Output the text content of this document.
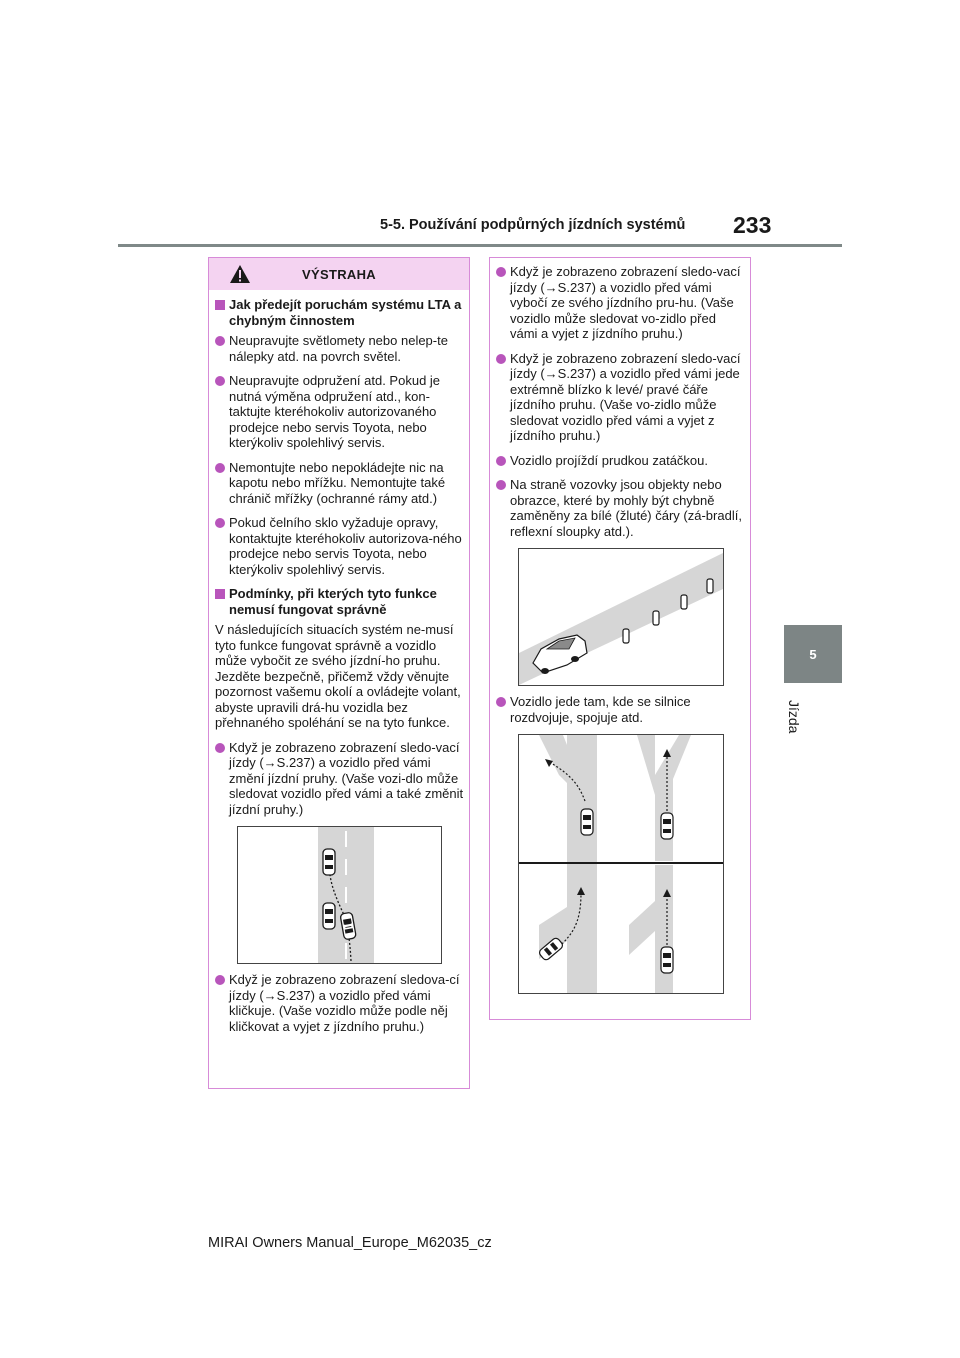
5-5. Používání podpůrných jízdních systémů 233
5
Jízda
VÝSTRAHA
Jak předejít poruchám systému LTA a chybným činnostem
Neupravujte světlomety nebo nelep-te nálepky atd. na povrch světel.
Neupravujte odpružení atd. Pokud je nutná výměna odpružení atd., kon-taktujte kteréhokoliv autorizovaného prodejce nebo servis Toyota, nebo kterýkoliv spolehlivý servis.
Nemontujte nebo nepokládejte nic na kapotu nebo mřížku. Nemontujte také chránič mřížky (ochranné rámy atd.)
Pokud čelního sklo vyžaduje opravy, kontaktujte kteréhokoliv autorizova-ného prodejce nebo servis Toyota, nebo kterýkoliv spolehlivý servis.
Podmínky, při kterých tyto funkce nemusí fungovat správně
V následujících situacích systém ne-musí tyto funkce fungovat správně a vozidlo může vybočit ze svého jízdní-ho pruhu. Jezděte bezpečně, přičemž vždy věnujte pozornost vašemu okolí a ovládejte volant, abyste upravili drá-hu vozidla bez přehnaného spoléhání se na tyto funkce.
Když je zobrazeno zobrazení sledo-vací jízdy (→S.237) a vozidlo před vámi změní jízdní pruhy. (Vaše vozi-dlo může sledovat vozidlo před vámi a také změnit jízdní pruhy.)
Když je zobrazeno zobrazení sledova-cí jízdy (→S.237) a vozidlo před vámi kličkuje. (Vaše vozidlo může podle něj kličkovat a vyjet z jízdního pruhu.)
Když je zobrazeno zobrazení sledo-vací jízdy (→S.237) a vozidlo před vámi vybočí ze svého jízdního pru-hu. (Vaše vozidlo může sledovat vo-zidlo před vámi a vyjet z jízdního pruhu.)
Když je zobrazeno zobrazení sledo-vací jízdy (→S.237) a vozidlo před vámi jede extrémně blízko k levé/ pravé čáře jízdního pruhu. (Vaše vo-zidlo může sledovat vozidlo před vámi a vyjet z jízdního pruhu.)
Vozidlo projíždí prudkou zatáčkou.
Na straně vozovky jsou objekty nebo obrazce, které by mohly být chybně zaměněny za bílé (žluté) čáry (zá-bradlí, reflexní sloupky atd.).
Vozidlo jede tam, kde se silnice rozdvojuje, spojuje atd.
MIRAI Owners Manual_Europe_M62035_cz
